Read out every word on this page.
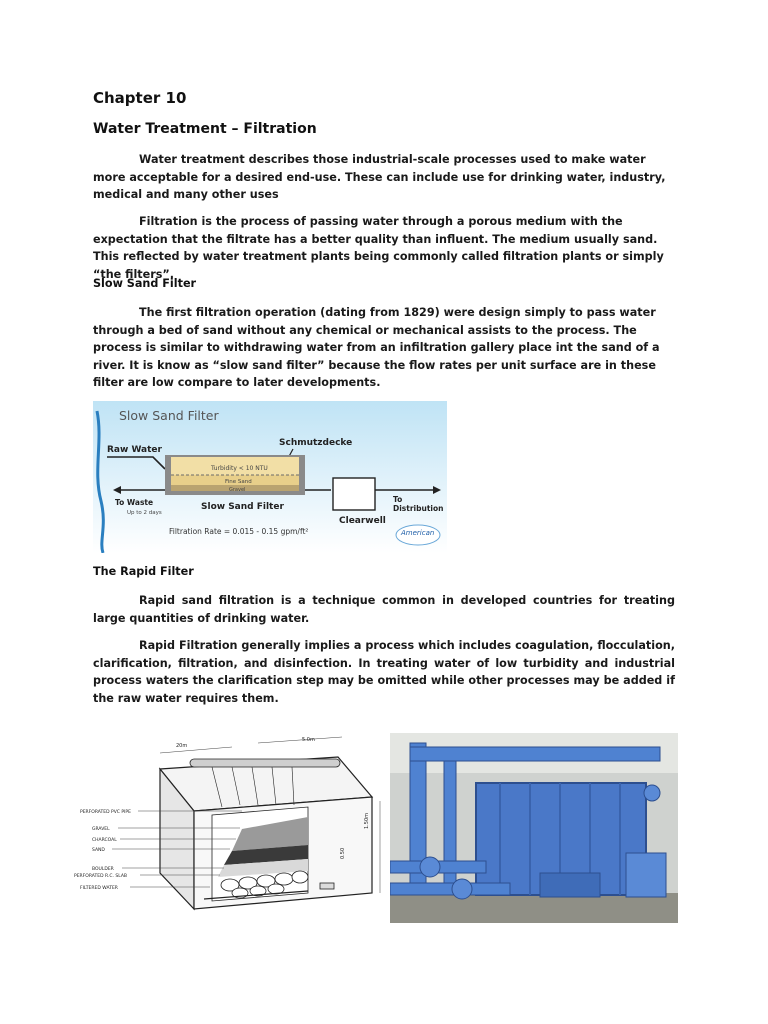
Chapter 10
Water Treatment – Filtration
Water treatment describes those industrial-scale processes used to make water more acceptable for a desired end-use. These can include use for drinking water, industry, medical and many other uses
Filtration is the process of passing water through a porous medium with the expectation that the filtrate has a better quality than influent. The medium usually sand. This reflected by water treatment plants being commonly called filtration plants or simply “the filters”.
Slow Sand Filter
The first filtration operation (dating from 1829) were design simply to pass water through a bed of sand without any chemical or mechanical assists to the process. The process is similar to withdrawing water from an infiltration gallery place int the sand of a river. It is know as “slow sand filter” because the flow rates per unit surface are in these filter are low compare to later developments.
Slow Sand Filter
Raw Water
Schmutzdecke
Turbidity < 10 NTU
Fine Sand
Gravel
To Waste
Up to 2 days
Slow Sand Filter
Clearwell
To
Distribution
Filtration Rate = 0.015 - 0.15 gpm/ft²	American
The Rapid Filter
Rapid sand filtration is a technique common in developed countries for treating large quantities of drinking water.
Rapid Filtration generally implies a process which includes coagulation, flocculation, clarification, filtration, and disinfection. In treating water of low turbidity and industrial process waters the clarification step may be omitted while other processes may be added if the raw water requires them.
PERFORATED PVC PIPE
GRAVEL
CHARCOAL
SAND
BOULDER
PERFORATED R.C. SLAB
FILTERED WATER
20m
5.0m
1.50m
0.50
